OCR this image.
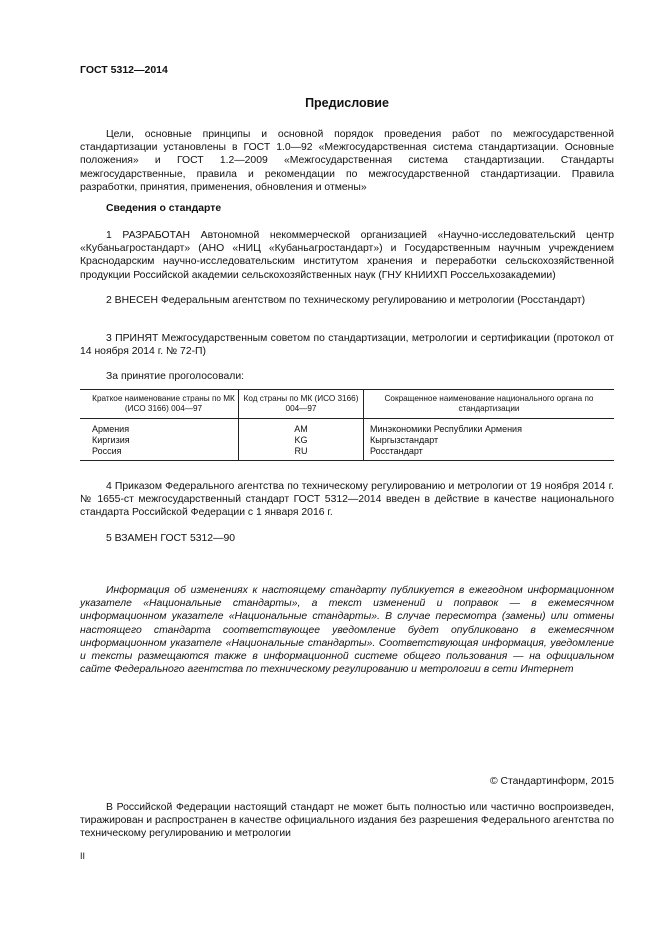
ГОСТ 5312—2014
Предисловие

Цели, основные принципы и основной порядок проведения работ по межгосударственной стандартизации установлены в ГОСТ 1.0—92 «Межгосударственная система стандартизации. Основные положения» и ГОСТ 1.2—2009 «Межгосударственная система стандартизации. Стандарты межгосударственные, правила и рекомендации по межгосударственной стандартизации. Правила разработки, принятия, применения, обновления и отмены»

Сведения о стандарте

1 РАЗРАБОТАН Автономной некоммерческой организацией «Научно-исследовательский центр «Кубаньагростандарт» (АНО «НИЦ «Кубаньагростандарт») и Государственным научным учреждением Краснодарским научно-исследовательским институтом хранения и переработки сельскохозяйственной продукции Российской академии сельскохозяйственных наук (ГНУ КНИИХП Россельхозакадемии)

2 ВНЕСЕН Федеральным агентством по техническому регулированию и метрологии (Росстандарт)

3 ПРИНЯТ Межгосударственным советом по стандартизации, метрологии и сертификации (протокол от 14 ноября 2014 г. № 72-П)

За принятие проголосовали:
Краткое наименование страны по МК (ИСО 3166) 004—97	Код страны по МК (ИСО 3166) 004—97	Сокращенное наименование национального органа по стандартизации
Армения	AM	Минэкономики Республики Армения
Киргизия	KG	Кыргызстандарт
Россия	RU	Росстандарт

4 Приказом Федерального агентства по техническому регулированию и метрологии от 19 ноября 2014 г. № 1655-ст межгосударственный стандарт ГОСТ 5312—2014 введен в действие в качестве национального стандарта Российской Федерации с 1 января 2016 г.

5 ВЗАМЕН ГОСТ 5312—90

Информация об изменениях к настоящему стандарту публикуется в ежегодном информационном указателе «Национальные стандарты», а текст изменений и поправок — в ежемесячном информационном указателе «Национальные стандарты». В случае пересмотра (замены) или отмены настоящего стандарта соответствующее уведомление будет опубликовано в ежемесячном информационном указателе «Национальные стандарты». Соответствующая информация, уведомление и тексты размещаются также в информационной системе общего пользования — на официальном сайте Федерального агентства по техническому регулированию и метрологии в сети Интернет

© Стандартинформ, 2015

В Российской Федерации настоящий стандарт не может быть полностью или частично воспроизведен, тиражирован и распространен в качестве официального издания без разрешения Федерального агентства по техническому регулированию и метрологии

II
